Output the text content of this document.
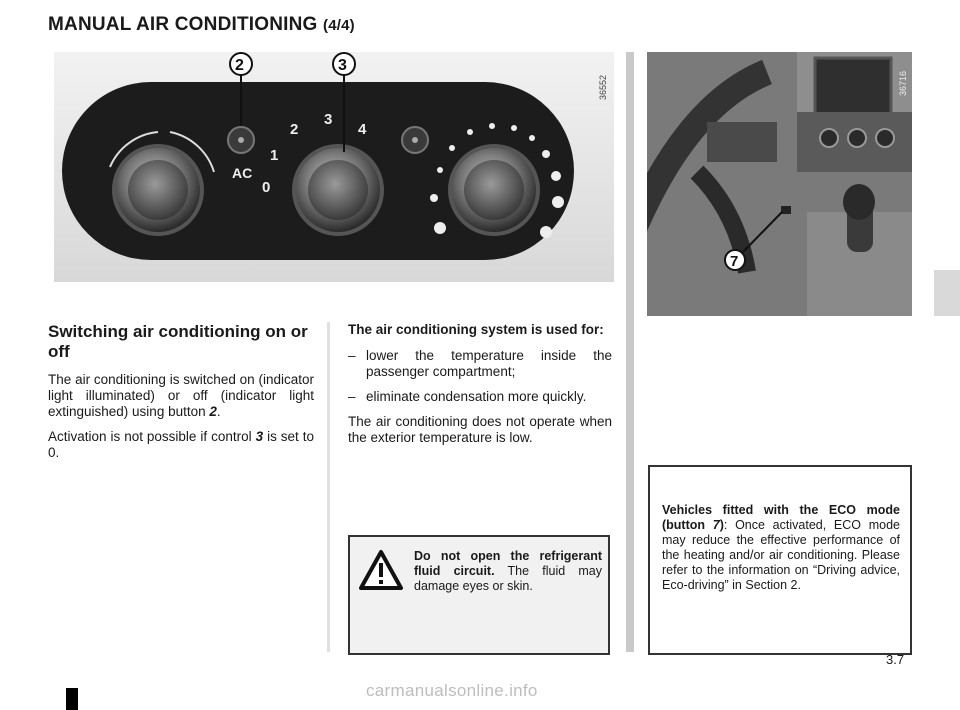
MANUAL AIR CONDITIONING (4/4)
AC
0
1
2
3
4
2	3
36552
7
36716
Switching air conditioning on or off

The air conditioning is switched on (indicator light illuminated) or off (indicator light extinguished) using button 2.

Activation is not possible if control 3 is set to 0.

The air conditioning system is used for:

– lower the temperature inside the passenger compartment;
– eliminate condensation more quickly.

The air conditioning does not operate when the exterior temperature is low.

Do not open the refrigerant fluid circuit. The fluid may damage eyes or skin.
Vehicles fitted with the ECO mode (button 7): Once activated, ECO mode may reduce the effective performance of the heating and/or air conditioning. Please refer to the information on “Driving advice, Eco-driving” in Section 2.
3.7
carmanualsonline.info
